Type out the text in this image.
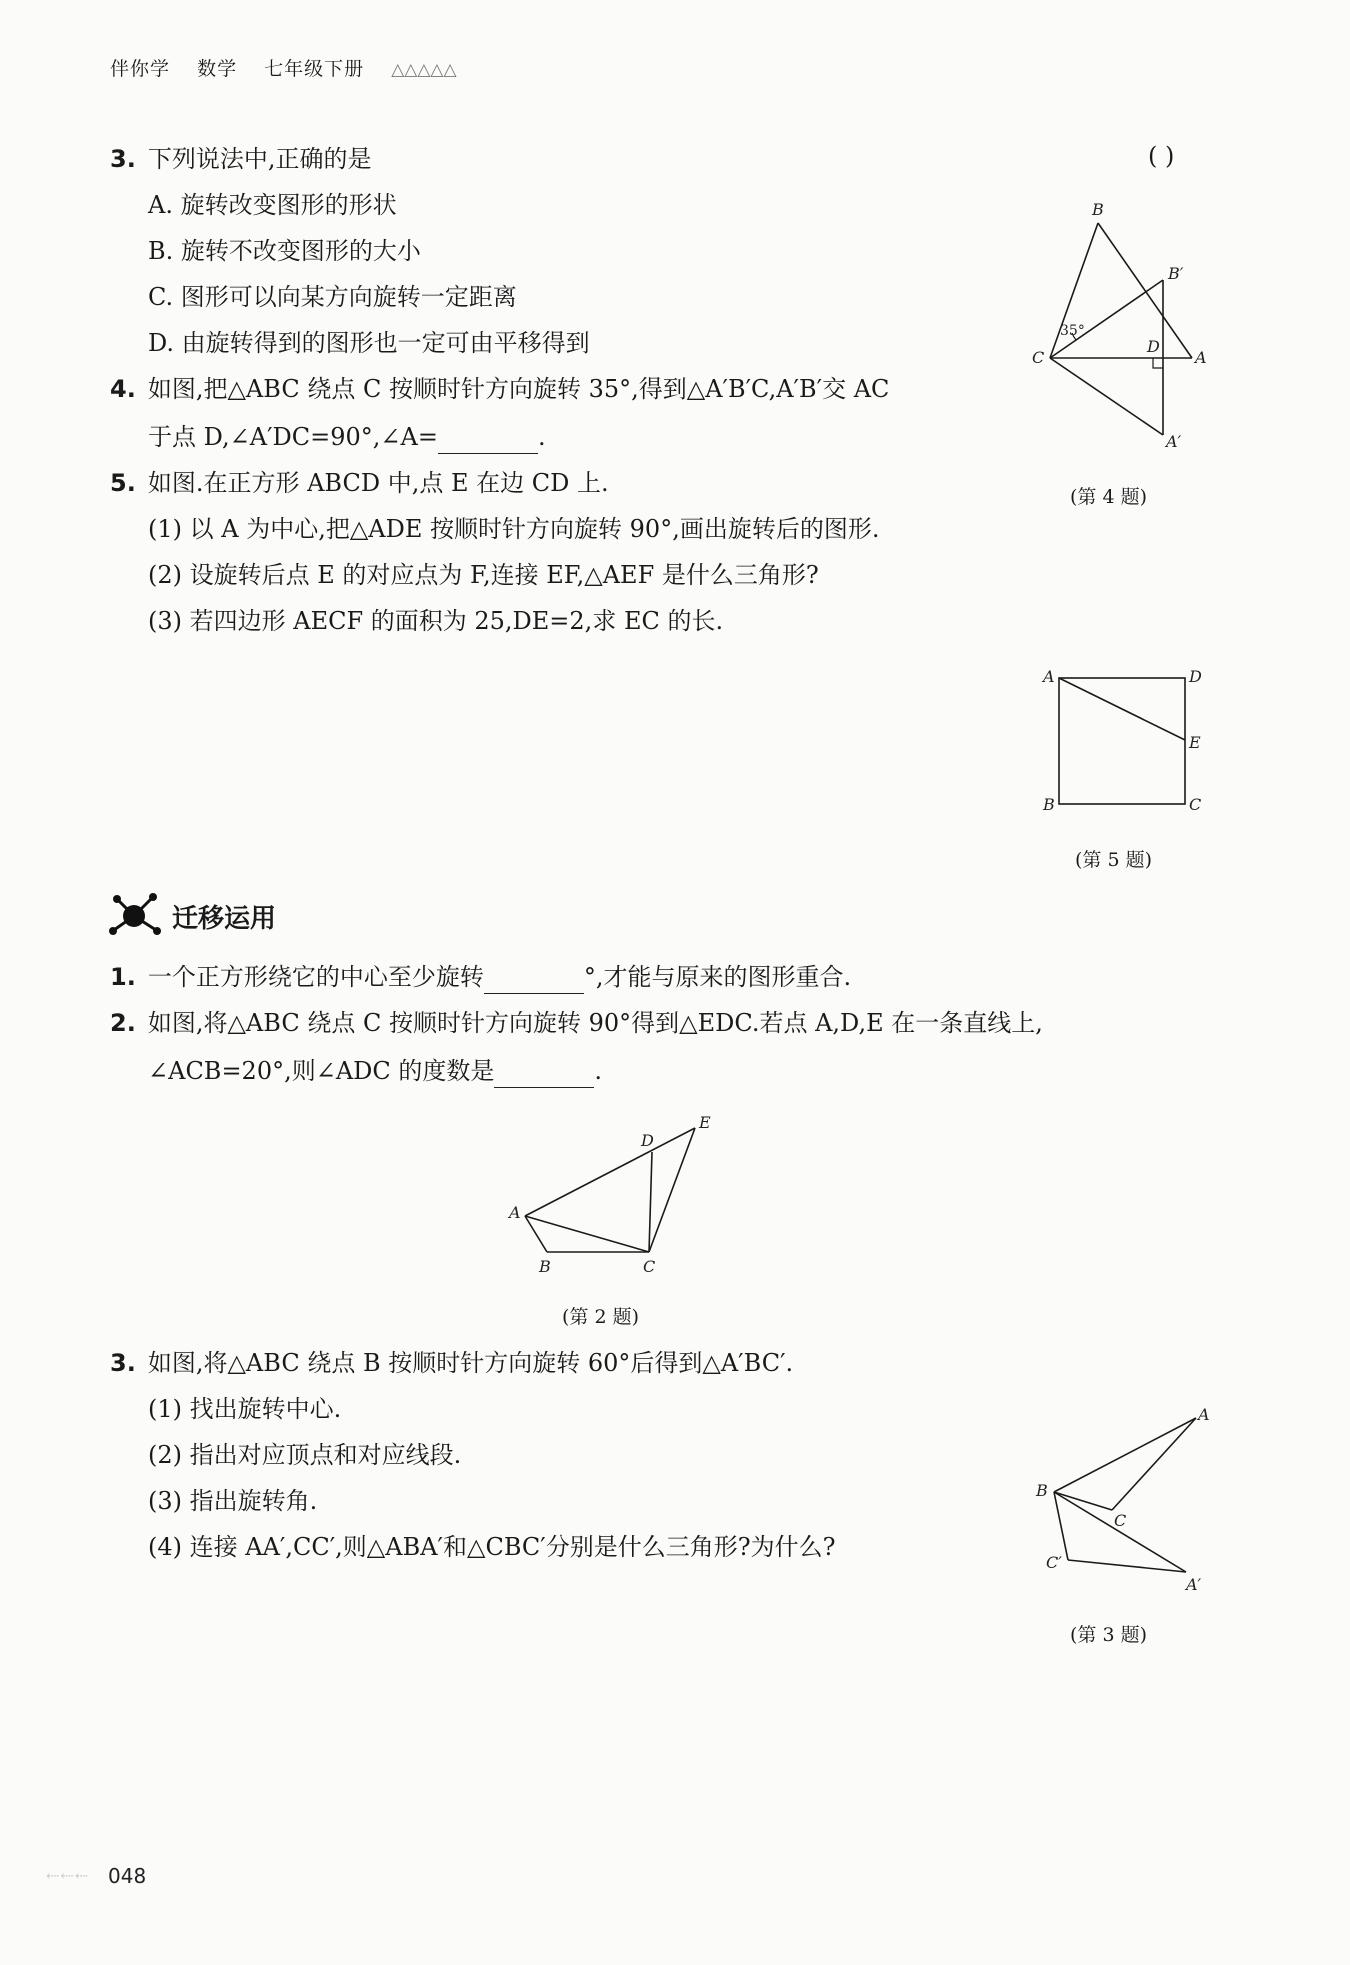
伴你学 数学 七年级下册 △△△△△
3. 下列说法中,正确的是	( )
A. 旋转改变图形的形状
B. 旋转不改变图形的大小
C. 图形可以向某方向旋转一定距离
D. 由旋转得到的图形也一定可由平移得到
4. 如图,把△ABC 绕点 C 按顺时针方向旋转 35°,得到△A′B′C,A′B′交 AC
于点 D,∠A′DC=90°,∠A=	.
5. 如图.在正方形 ABCD 中,点 E 在边 CD 上.
(1) 以 A 为中心,把△ADE 按顺时针方向旋转 90°,画出旋转后的图形.
(2) 设旋转后点 E 的对应点为 F,连接 EF,△AEF 是什么三角形?
(3) 若四边形 AECF 的面积为 25,DE=2,求 EC 的长.
B
B′
C
D
A
A′
35°
(第 4 题)
A	D
E
B	C
(第 5 题)
迁移运用
1. 一个正方形绕它的中心至少旋转	°,才能与原来的图形重合.
2. 如图,将△ABC 绕点 C 按顺时针方向旋转 90°得到△EDC.若点 A,D,E 在一条直线上,
∠ACB=20°,则∠ADC 的度数是	.
D
E
A
B	C
(第 2 题)
3. 如图,将△ABC 绕点 B 按顺时针方向旋转 60°后得到△A′BC′.
(1) 找出旋转中心.
(2) 指出对应顶点和对应线段.
(3) 指出旋转角.
(4) 连接 AA′,CC′,则△ABA′和△CBC′分别是什么三角形?为什么?
A
B
C
C′
A′
(第 3 题)
⇠⇠⇠ 048
